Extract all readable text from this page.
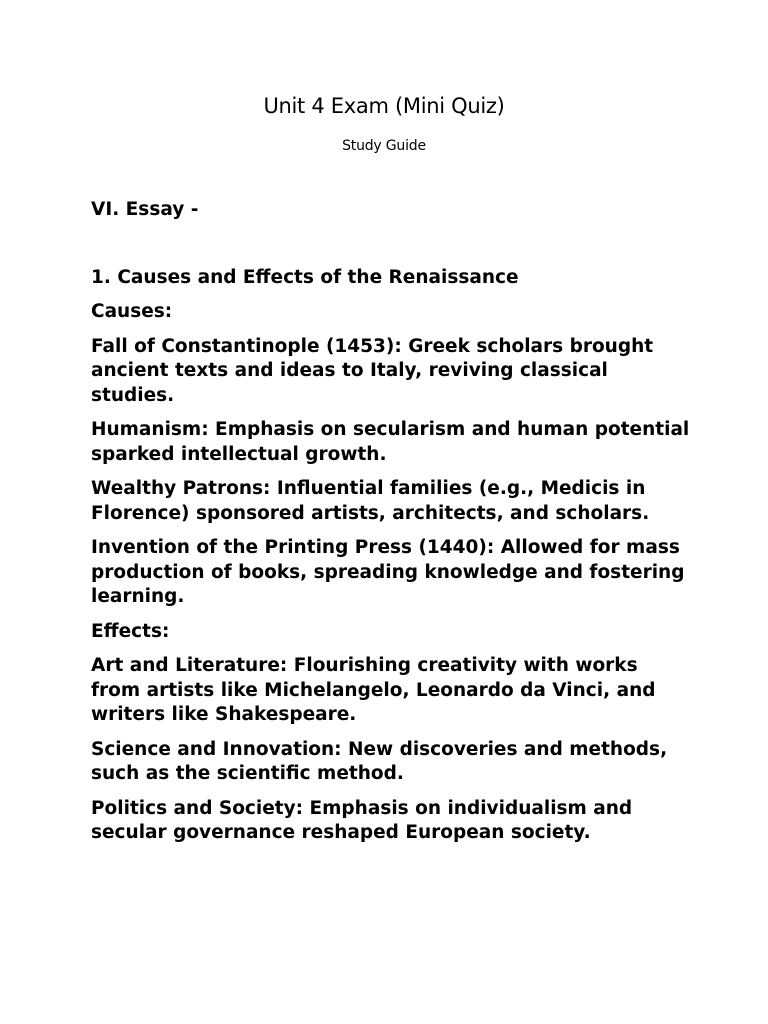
Unit 4 Exam (Mini Quiz)

Study Guide

VI. Essay -

1. Causes and Effects of the Renaissance

Causes:

Fall of Constantinople (1453): Greek scholars brought ancient texts and ideas to Italy, reviving classical studies.

Humanism: Emphasis on secularism and human potential sparked intellectual growth.

Wealthy Patrons: Influential families (e.g., Medicis in Florence) sponsored artists, architects, and scholars.

Invention of the Printing Press (1440): Allowed for mass production of books, spreading knowledge and fostering learning.

Effects:

Art and Literature: Flourishing creativity with works from artists like Michelangelo, Leonardo da Vinci, and writers like Shakespeare.

Science and Innovation: New discoveries and methods, such as the scientific method.

Politics and Society: Emphasis on individualism and secular governance reshaped European society.
